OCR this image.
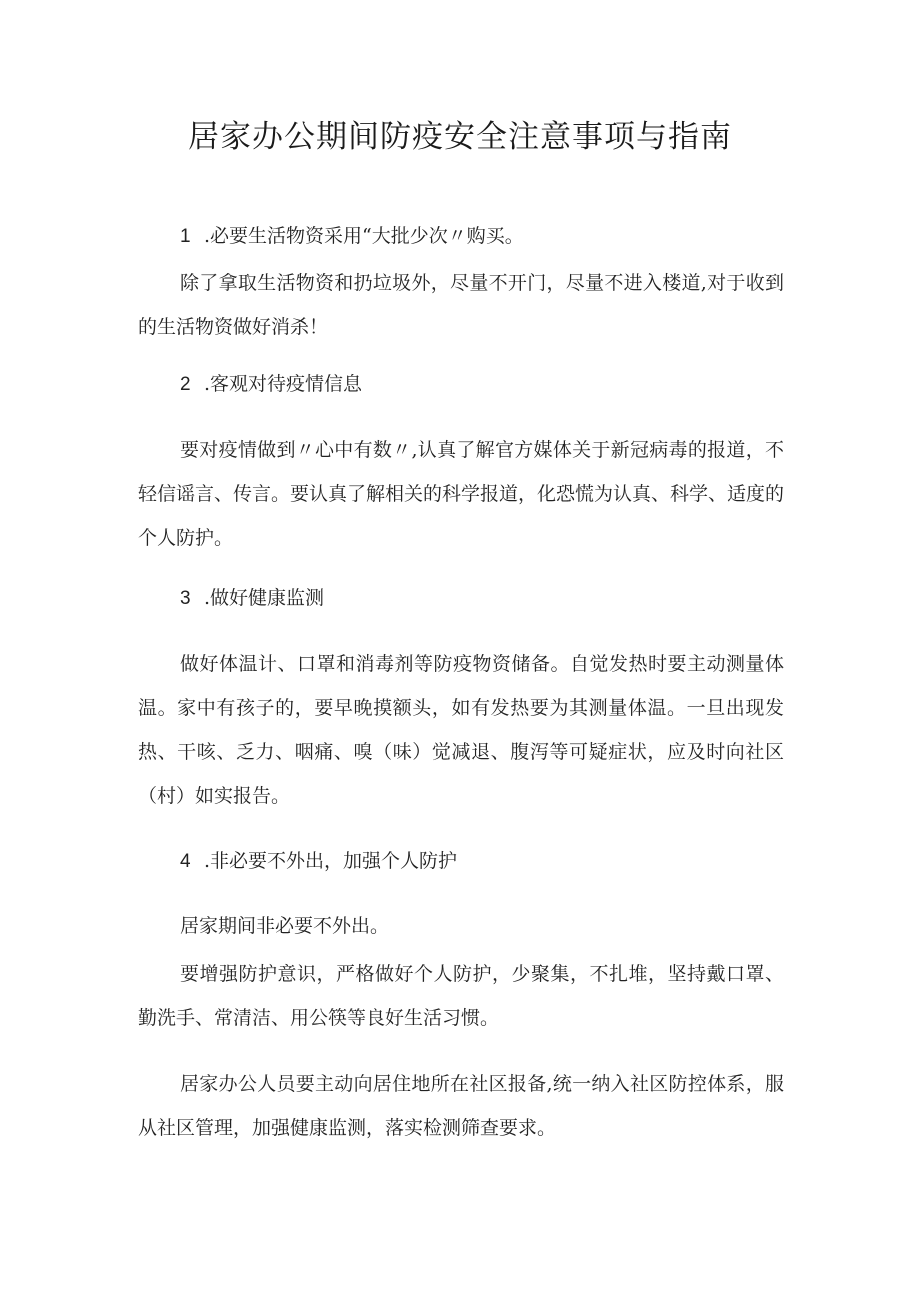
居家办公期间防疫安全注意事项与指南

1 .必要生活物资采用“大批少次〃购买。

除了拿取生活物资和扔垃圾外，尽量不开门，尽量不进入楼道,对于收到的生活物资做好消杀！

2 .客观对待疫情信息

要对疫情做到〃心中有数〃,认真了解官方媒体关于新冠病毒的报道，不轻信谣言、传言。要认真了解相关的科学报道，化恐慌为认真、科学、适度的个人防护。

3 .做好健康监测

做好体温计、口罩和消毒剂等防疫物资储备。自觉发热时要主动测量体温。家中有孩子的，要早晚摸额头，如有发热要为其测量体温。一旦出现发热、干咳、乏力、咽痛、嗅（味）觉减退、腹泻等可疑症状，应及时向社区（村）如实报告。

4 .非必要不外出，加强个人防护

居家期间非必要不外出。

要增强防护意识，严格做好个人防护，少聚集，不扎堆，坚持戴口罩、勤洗手、常清洁、用公筷等良好生活习惯。

居家办公人员要主动向居住地所在社区报备,统一纳入社区防控体系，服从社区管理，加强健康监测，落实检测筛查要求。
